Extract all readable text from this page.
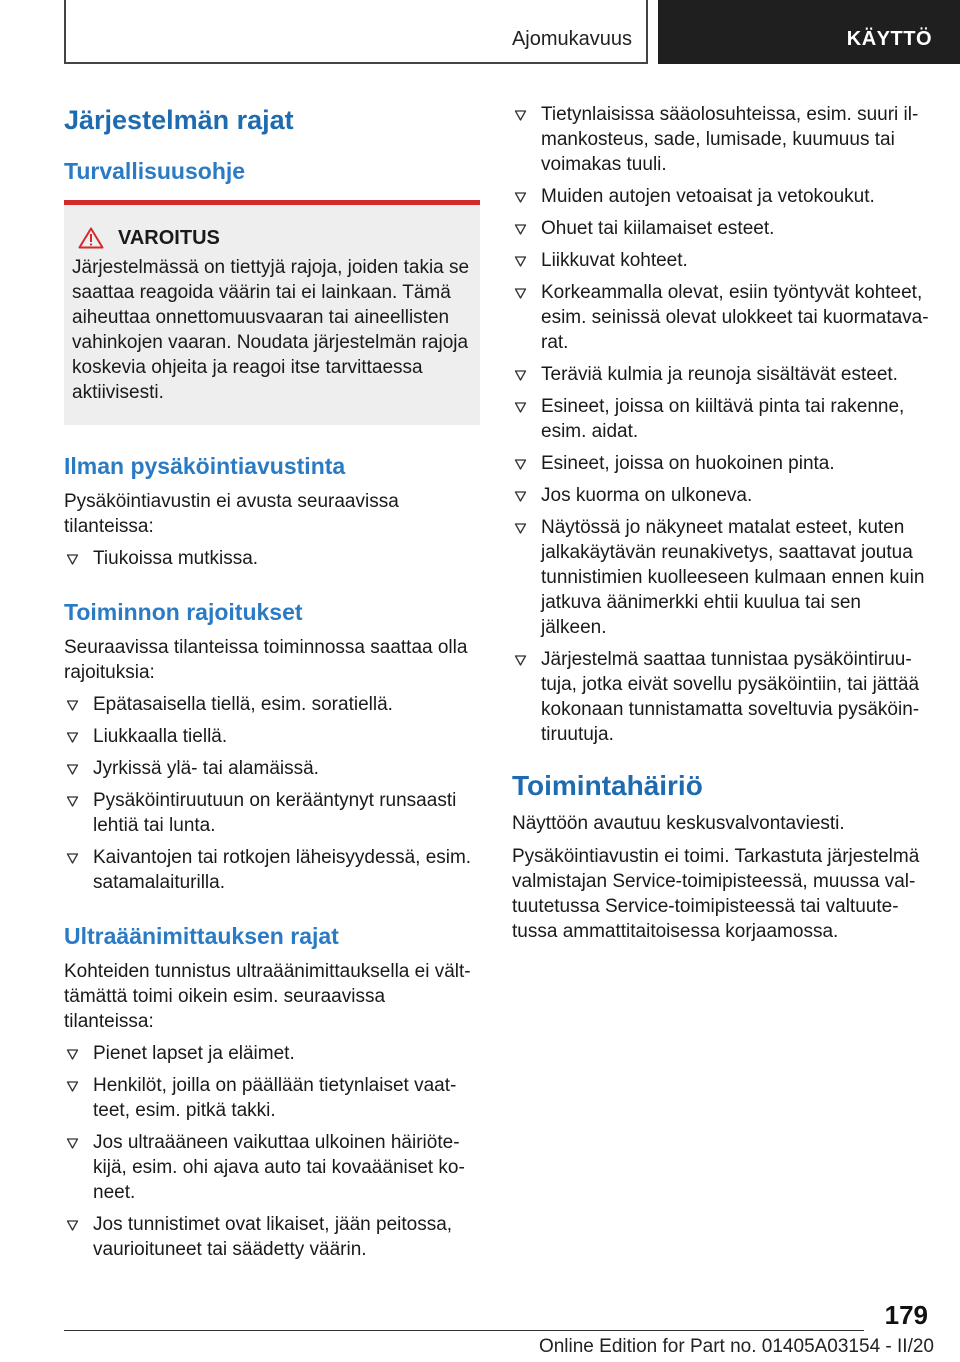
Ajomukavuus	KÄYTTÖ
Järjestelmän rajat
Turvallisuusohje
VAROITUS

Järjestelmässä on tiettyjä rajoja, joiden takia se saattaa reagoida väärin tai ei lainkaan. Tämä aiheuttaa onnettomuusvaaran tai aineellisten vahinkojen vaaran. Noudata järjestelmän rajoja koskevia ohjeita ja reagoi itse tarvittaessa aktiivisesti.

Ilman pysäköintiavustinta

Pysäköintiavustin ei avusta seuraavissa tilanteissa:

Tiukoissa mutkissa.
Toiminnon rajoitukset

Seuraavissa tilanteissa toiminnossa saattaa olla rajoituksia:

Epätasaisella tiellä, esim. soratiellä.
Liukkaalla tiellä.
Jyrkissä ylä- tai alamäissä.
Pysäköintiruutuun on kerääntynyt runsaasti lehtiä tai lunta.
Kaivantojen tai rotkojen läheisyydessä, esim. satamalaiturilla.
Ultraäänimittauksen rajat

Kohteiden tunnistus ultraäänimittauksella ei välttämättä toimi oikein esim. seuraavissa tilanteissa:

Pienet lapset ja eläimet.
Henkilöt, joilla on päällään tietynlaiset vaatteet, esim. pitkä takki.
Jos ultraääneen vaikuttaa ulkoinen häiriötekijä, esim. ohi ajava auto tai kovaääniset koneet.
Jos tunnistimet ovat likaiset, jään peitossa, vaurioituneet tai säädetty väärin.
Tietynlaisissa sääolosuhteissa, esim. suuri ilmankosteus, sade, lumisade, kuumuus tai voimakas tuuli.
Muiden autojen vetoaisat ja vetokoukut.
Ohuet tai kiilamaiset esteet.
Liikkuvat kohteet.
Korkeammalla olevat, esiin työntyvät kohteet, esim. seinissä olevat ulokkeet tai kuormatavarat.
Teräviä kulmia ja reunoja sisältävät esteet.
Esineet, joissa on kiiltävä pinta tai rakenne, esim. aidat.
Esineet, joissa on huokoinen pinta.
Jos kuorma on ulkoneva.
Näytössä jo näkyneet matalat esteet, kuten jalkakäytävän reunakivetys, saattavat joutua tunnistimien kuolleeseen kulmaan ennen kuin jatkuva äänimerkki ehtii kuulua tai sen jälkeen.
Järjestelmä saattaa tunnistaa pysäköintiruutuja, jotka eivät sovellu pysäköintiin, tai jättää kokonaan tunnistamatta soveltuvia pysäköintiruutuja.
Toimintahäiriö

Näyttöön avautuu keskusvalvontaviesti.

Pysäköintiavustin ei toimi. Tarkastuta järjestelmä valmistajan Service-toimipisteessä, muussa valtuutetussa Service-toimipisteessä tai valtuutetussa ammattitaitoisessa korjaamossa.

179
Online Edition for Part no. 01405A03154 - II/20
